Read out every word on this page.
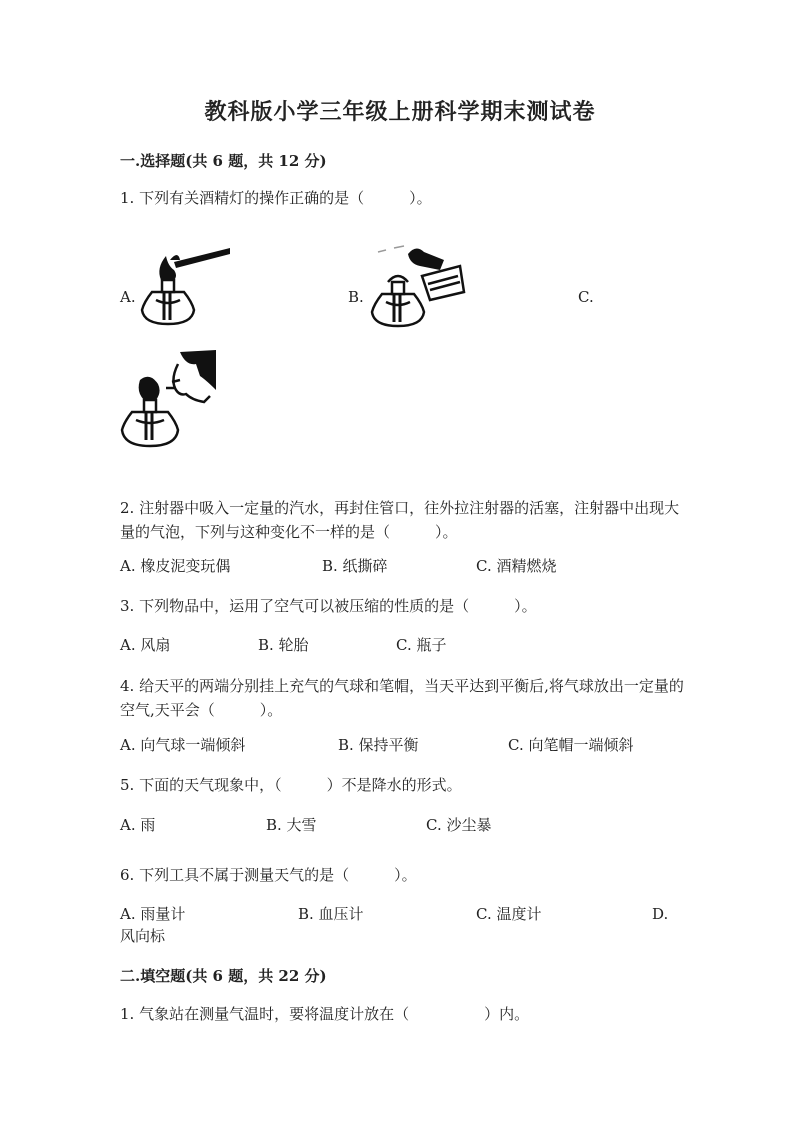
教科版小学三年级上册科学期末测试卷
一.选择题(共 6 题，共 12 分)
1. 下列有关酒精灯的操作正确的是（　　　）。
A.	B.	C.
2. 注射器中吸入一定量的汽水，再封住管口，往外拉注射器的活塞，注射器中出现大量的气泡，下列与这种变化不一样的是（　　　）。
A. 橡皮泥变玩偶	B. 纸撕碎	C. 酒精燃烧
3. 下列物品中，运用了空气可以被压缩的性质的是（　　　）。
A. 风扇	B. 轮胎	C. 瓶子
4. 给天平的两端分别挂上充气的气球和笔帽，当天平达到平衡后,将气球放出一定量的空气,天平会（　　　）。
A. 向气球一端倾斜	B. 保持平衡	C. 向笔帽一端倾斜
5. 下面的天气现象中，（　　　）不是降水的形式。
A. 雨	B. 大雪	C. 沙尘暴
6. 下列工具不属于测量天气的是（　　　）。
A. 雨量计	B. 血压计	C. 温度计	D.
风向标
二.填空题(共 6 题，共 22 分)
1. 气象站在测量气温时，要将温度计放在（　　　　　）内。
